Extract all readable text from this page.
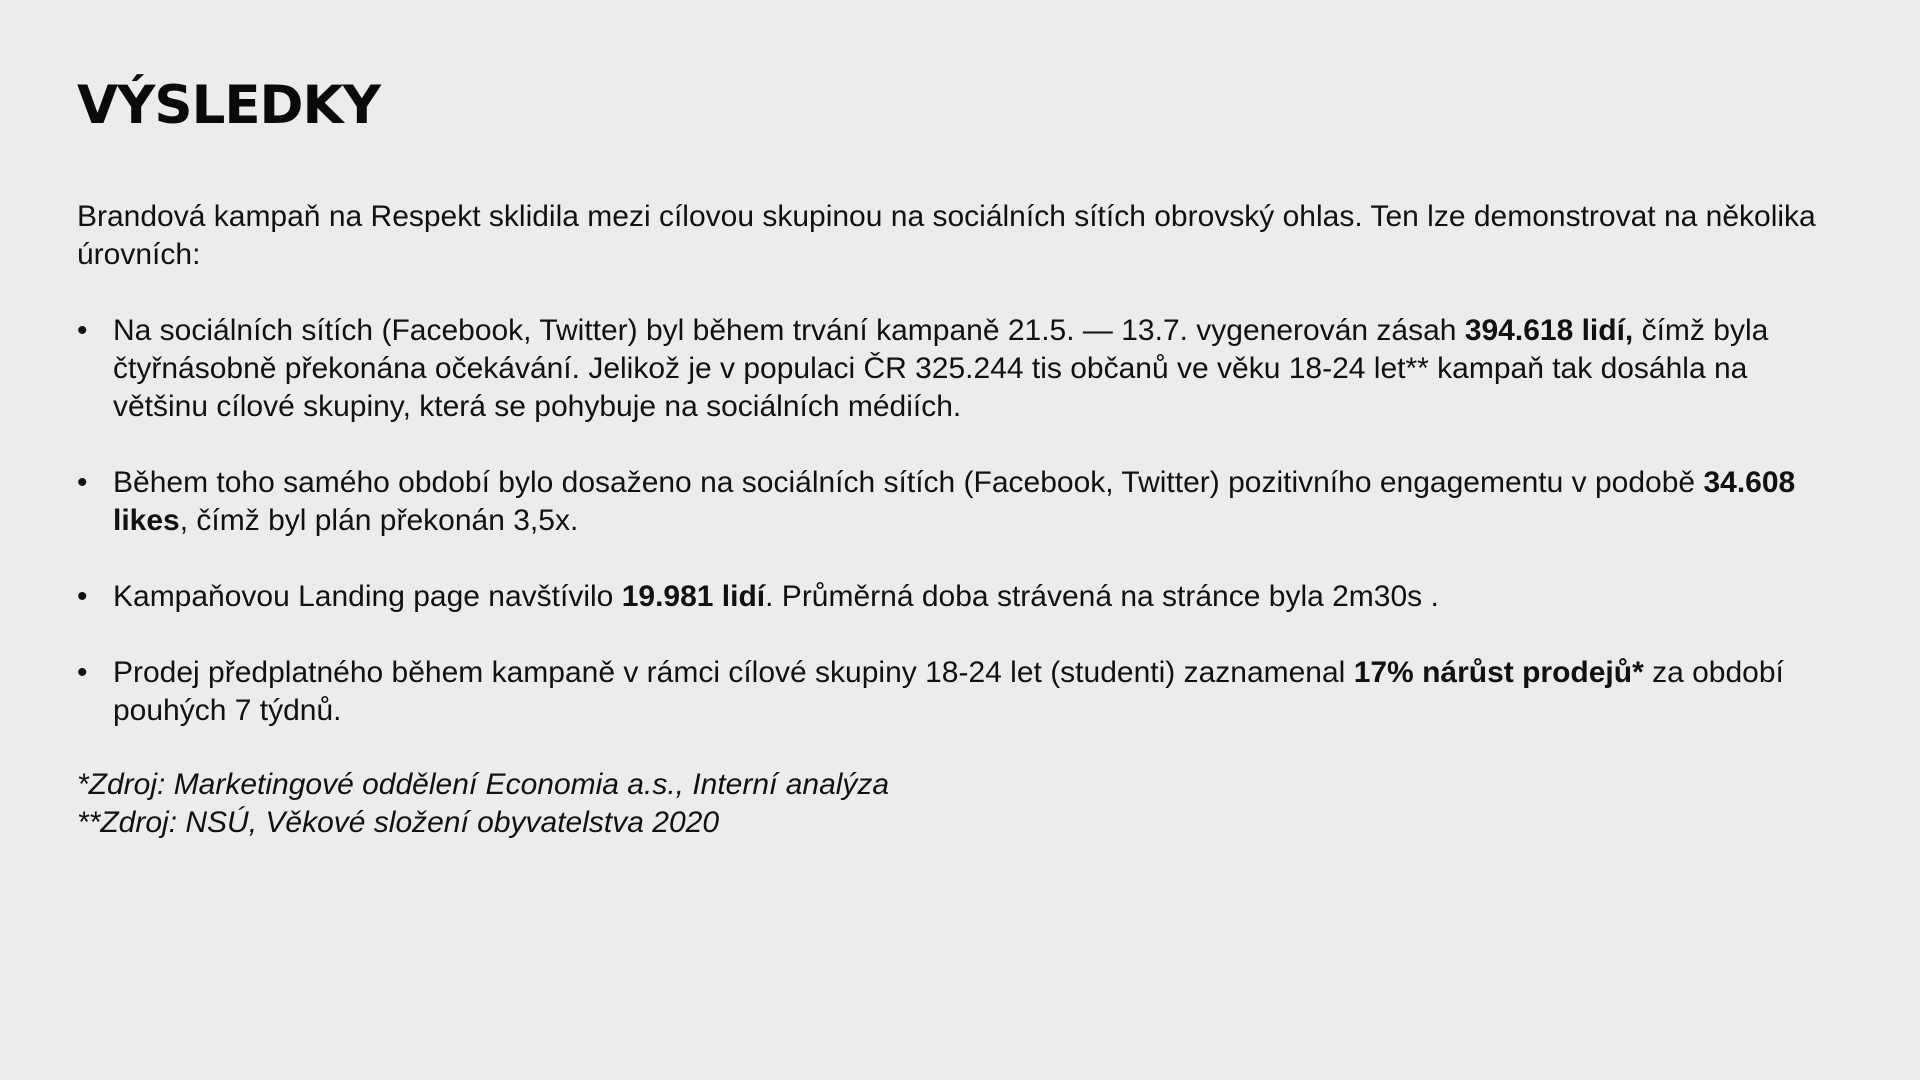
VÝSLEDKY

Brandová kampaň na Respekt sklidila mezi cílovou skupinou na sociálních sítích obrovský ohlas. Ten lze demonstrovat na několika úrovních:

• Na sociálních sítích (Facebook, Twitter) byl během trvání kampaně 21.5. — 13.7. vygenerován zásah 394.618 lidí, čímž byla čtyřnásobně překonána očekávání. Jelikož je v populaci ČR 325.244 tis občanů ve věku 18-24 let** kampaň tak dosáhla na většinu cílové skupiny, která se pohybuje na sociálních médiích.
• Během toho samého období bylo dosaženo na sociálních sítích (Facebook, Twitter) pozitivního engagementu v podobě 34.608 likes, čímž byl plán překonán 3,5x.
• Kampaňovou Landing page navštívilo 19.981 lidí. Průměrná doba strávená na stránce byla 2m30s .
• Prodej předplatného během kampaně v rámci cílové skupiny 18-24 let (studenti) zaznamenal 17% nárůst prodejů* za období pouhých 7 týdnů.
*Zdroj: Marketingové oddělení Economia a.s., Interní analýza
**Zdroj: NSÚ, Věkové složení obyvatelstva 2020
